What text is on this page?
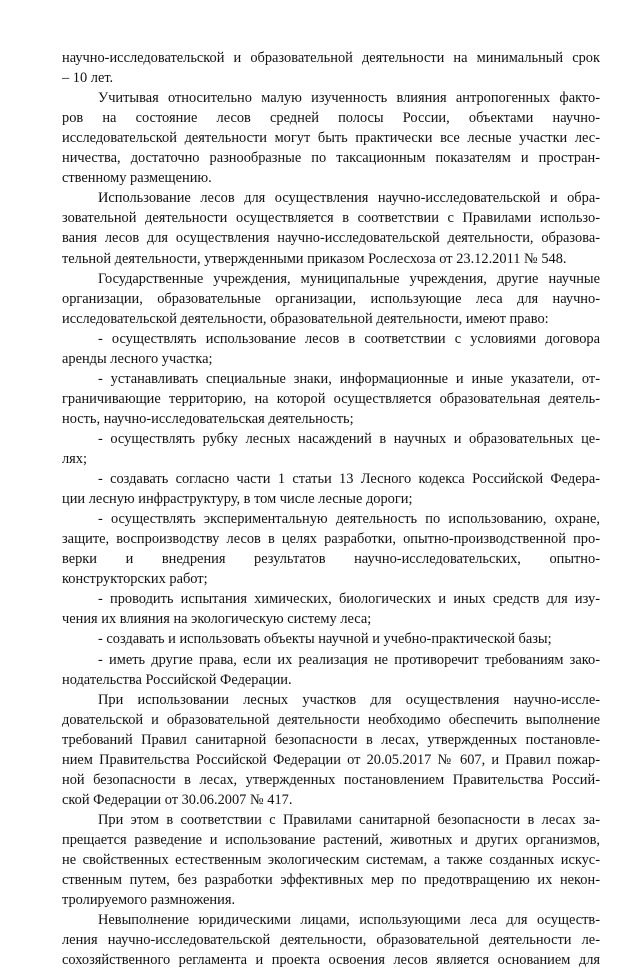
научно-исследовательской и образовательной деятельности на минимальный срок
– 10 лет.
Учитывая относительно малую изученность влияния антропогенных факто-
ров на состояние лесов средней полосы России, объектами научно-
исследовательской деятельности могут быть практически все лесные участки лес-
ничества, достаточно разнообразные по таксационным показателям и простран-
ственному размещению.
Использование лесов для осуществления научно-исследовательской и обра-
зовательной деятельности осуществляется в соответствии с Правилами использо-
вания лесов для осуществления научно-исследовательской деятельности, образова-
тельной деятельности, утвержденными приказом Рослесхоза от 23.12.2011 № 548.
Государственные учреждения, муниципальные учреждения, другие научные
организации, образовательные организации, использующие леса для научно-
исследовательской деятельности, образовательной деятельности, имеют право:
- осуществлять использование лесов в соответствии с условиями договора
аренды лесного участка;
- устанавливать специальные знаки, информационные и иные указатели, от-
граничивающие территорию, на которой осуществляется образовательная деятель-
ность, научно-исследовательская деятельность;
- осуществлять рубку лесных насаждений в научных и образовательных це-
лях;
- создавать согласно части 1 статьи 13 Лесного кодекса Российской Федера-
ции лесную инфраструктуру, в том числе лесные дороги;
- осуществлять экспериментальную деятельность по использованию, охране,
защите, воспроизводству лесов в целях разработки, опытно-производственной про-
верки и внедрения результатов научно-исследовательских, опытно-
конструкторских работ;
- проводить испытания химических, биологических и иных средств для изу-
чения их влияния на экологическую систему леса;
- создавать и использовать объекты научной и учебно-практической базы;
- иметь другие права, если их реализация не противоречит требованиям зако-
нодательства Российской Федерации.
При использовании лесных участков для осуществления научно-иссле-
довательской и образовательной деятельности необходимо обеспечить выполнение
требований Правил санитарной безопасности в лесах, утвержденных постановле-
нием Правительства Российской Федерации от 20.05.2017 № 607, и Правил пожар-
ной безопасности в лесах, утвержденных постановлением Правительства Россий-
ской Федерации от 30.06.2007 № 417.
При этом в соответствии с Правилами санитарной безопасности в лесах за-
прещается разведение и использование растений, животных и других организмов,
не свойственных естественным экологическим системам, а также созданных искус-
ственным путем, без разработки эффективных мер по предотвращению их некон-
тролируемого размножения.
Невыполнение юридическими лицами, использующими леса для осуществ-
ления научно-исследовательской деятельности, образовательной деятельности ле-
сохозяйственного регламента и проекта освоения лесов является основанием для
